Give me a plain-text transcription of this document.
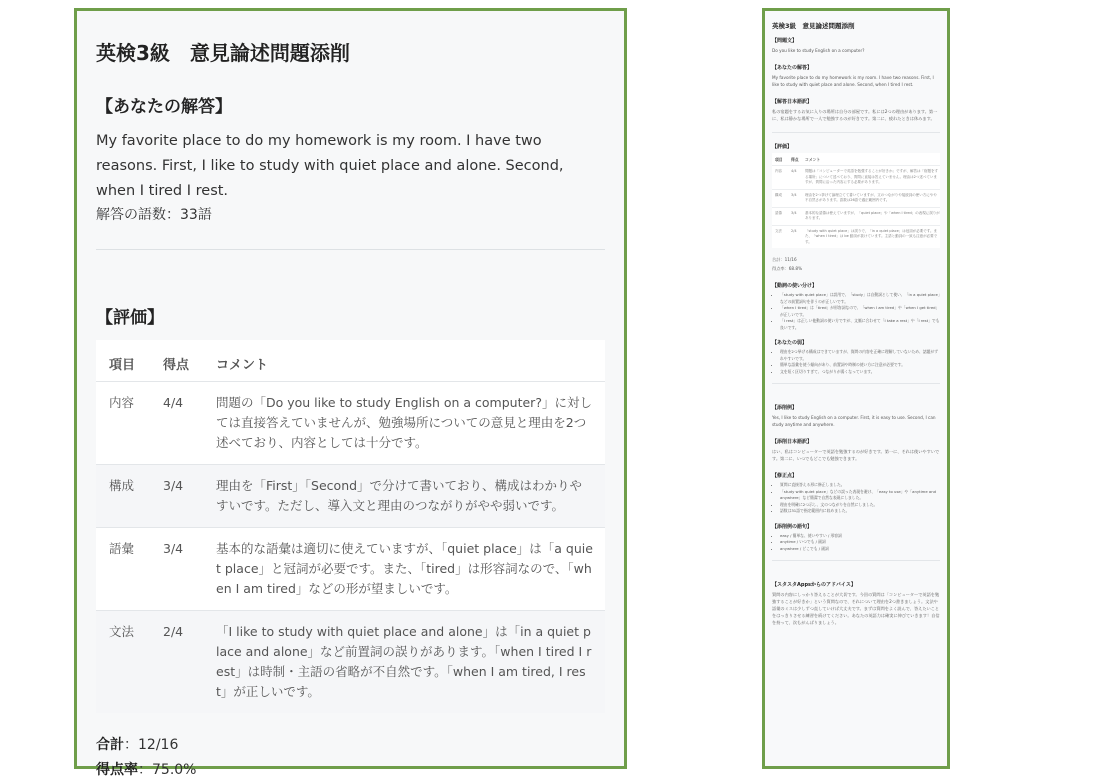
英検3級　意見論述問題添削
【あなたの解答】
My favorite place to do my homework is my room. I have two reasons. First, I like to study with quiet place and alone. Second, when I tired I rest.
解答の語数：33語
【評価】
項目	得点	コメント
内容	4/4	問題の「Do you like to study English on a computer?」に対しては直接答えていませんが、勉強場所についての意見と理由を2つ述べており、内容としては十分です。
構成	3/4	理由を「First」「Second」で分けて書いており、構成はわかりやすいです。ただし、導入文と理由のつながりがやや弱いです。
語彙	3/4	基本的な語彙は適切に使えていますが、「quiet place」は「a quiet place」と冠詞が必要です。また、「tired」は形容詞なので、「when I am tired」などの形が望ましいです。
文法	2/4	「I like to study with quiet place and alone」は「in a quiet place and alone」など前置詞の誤りがあります。「when I tired I rest」は時制・主語の省略が不自然です。「when I am tired, I rest」が正しいです。
合計：12/16
得点率：75.0%
英検3級　意見論述問題添削
【問題文】
Do you like to study English on a computer?
【あなたの解答】
My favorite place to do my homework is my room. I have two reasons. First, I like to study with quiet place and alone. Second, when I tired I rest.
【解答日本語訳】
私の宿題をするお気に入りの場所は自分の部屋です。私には2つの理由があります。第一に、私は静かな場所で一人で勉強するのが好きです。第二に、疲れたときは休みます。
【評価】
項目	得点	コメント
内容	4/4	問題は「コンピューターで英語を勉強することが好きか」ですが、解答は「宿題をする場所」について述べており、質問に直接は答えていません。理由は2つ述べていますが、質問に沿った内容にする必要があります。
構成	3/4	理由を2つ挙げて論理立てて書いていますが、文のつながりや接続詞の使い方にやや不自然さがあります。語数は26語で適正範囲内です。
語彙	3/4	基本的な語彙は使えていますが、「quiet place」や「when I tired」の表現に誤りがあります。
文法	2/4	「study with quiet place」は誤りで、「in a quiet place」は冠詞が必要です。また、「when I tired」は be 動詞が抜けています。主語と動詞の一致も注意が必要です。
合計：11/16
得点率：68.8%
【動詞の使い分け】
• 「study with quiet place」は誤用で、「study」は自動詞として使い、「in a quiet place」などの前置詞句を伴うのが正しいです。
• 「when I tired」は「tired」が形容詞なので、「when I am tired」や「when I get tired」が正しいです。
• 「I rest」は正しい他動詞の使い方ですが、文脈に合わせて「I take a rest」や「I rest」でも良いです。
【あなたの弱】
• 理由を2つ挙げる構成はできていますが、質問の内容を正確に理解していないため、話題がずれやすいです。
• 簡単な語彙を使う傾向があり、前置詞や時制の使い方に注意が必要です。
• 文を短く区切りすぎて、つながりが弱くなっています。
【添削例】
Yes, I like to study English on a computer. First, it is easy to use. Second, I can study anytime and anywhere.
【添削日本語訳】
はい、私はコンピューターで英語を勉強するのが好きです。第一に、それは使いやすいです。第二に、いつでもどこでも勉強できます。
【修正点】
• 質問に直接答える形に修正しました。
• 「study with quiet place」などの誤った表現を避け、「easy to use」や「anytime and anywhere」など簡潔で自然な表現にしました。
• 理由を明確に2つ示し、文のつながりを自然にしました。
• 語数は31語で指定範囲内に収めました。
【添削例の語句】
• easy / 簡単な、使いやすい / 形容詞
• anytime / いつでも / 副詞
• anywhere / どこでも / 副詞
【スタスタAppsからのアドバイス】
質問の内容にしっかり答えることが大切です。今回の質問は「コンピューターで英語を勉強することが好きか」という質問なので、それについて理由を2つ書きましょう。文法や語彙のミスは少しずつ直していけば大丈夫です。まずは質問をよく読んで、答えたいことをはっきりさせる練習を続けてください。あなたの英語力は確実に伸びていきます！自信を持って、次もがんばりましょう。
